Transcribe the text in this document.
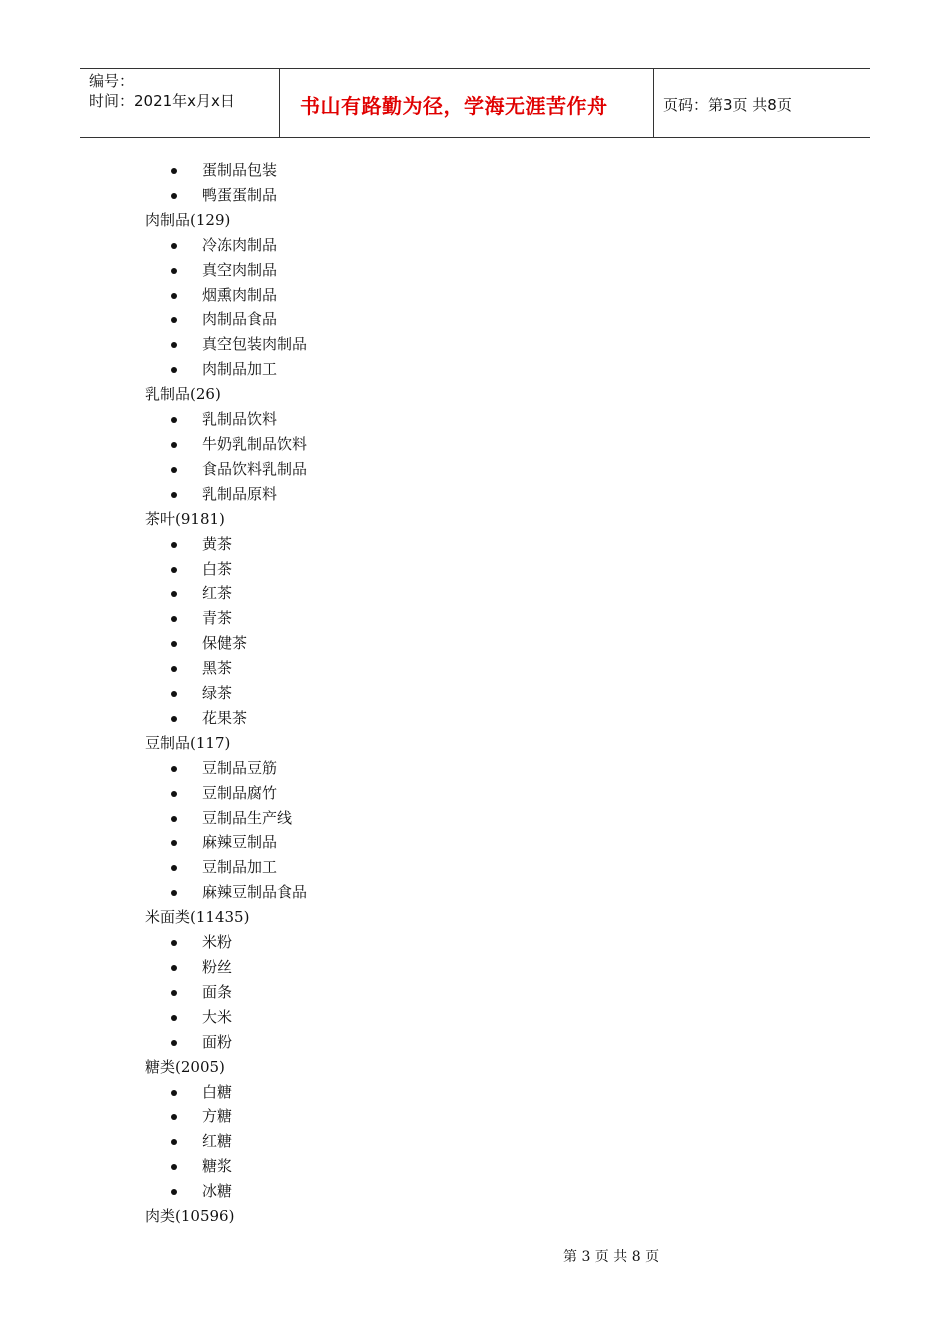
编号：
时间：2021年x月x日	书山有路勤为径，学海无涯苦作舟	页码：第3页 共8页
蛋制品包装
鸭蛋蛋制品
肉制品(129)
冷冻肉制品
真空肉制品
烟熏肉制品
肉制品食品
真空包装肉制品
肉制品加工
乳制品(26)
乳制品饮料
牛奶乳制品饮料
食品饮料乳制品
乳制品原料
茶叶(9181)
黄茶
白茶
红茶
青茶
保健茶
黑茶
绿茶
花果茶
豆制品(117)
豆制品豆筋
豆制品腐竹
豆制品生产线
麻辣豆制品
豆制品加工
麻辣豆制品食品
米面类(11435)
米粉
粉丝
面条
大米
面粉
糖类(2005)
白糖
方糖
红糖
糖浆
冰糖
肉类(10596)
第 3 页 共 8 页
